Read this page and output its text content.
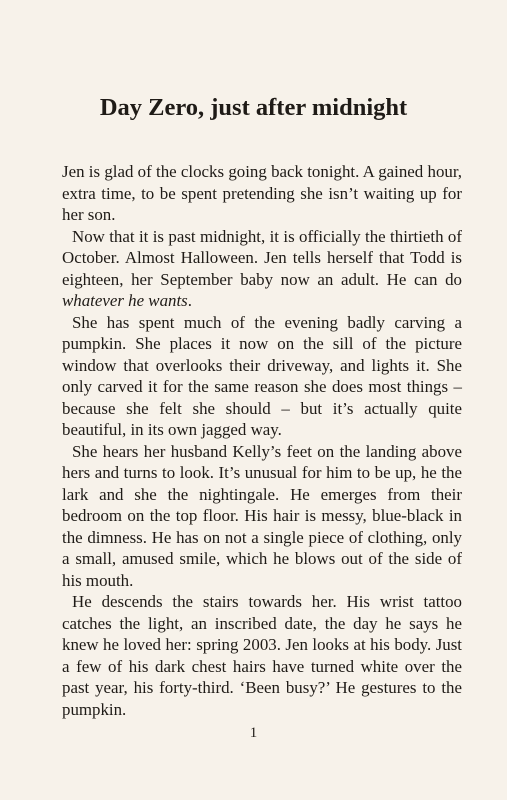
Day Zero, just after midnight

Jen is glad of the clocks going back tonight. A gained hour, extra time, to be spent pretending she isn’t waiting up for her son.

Now that it is past midnight, it is officially the thirtieth of October. Almost Halloween. Jen tells herself that Todd is eighteen, her September baby now an adult. He can do whatever he wants.

She has spent much of the evening badly carving a pumpkin. She places it now on the sill of the picture window that overlooks their driveway, and lights it. She only carved it for the same reason she does most things – because she felt she should – but it’s actually quite beautiful, in its own jagged way.

She hears her husband Kelly’s feet on the landing above hers and turns to look. It’s unusual for him to be up, he the lark and she the nightingale. He emerges from their bedroom on the top floor. His hair is messy, blue-black in the dimness. He has on not a single piece of clothing, only a small, amused smile, which he blows out of the side of his mouth.

He descends the stairs towards her. His wrist tattoo catches the light, an inscribed date, the day he says he knew he loved her: spring 2003. Jen looks at his body. Just a few of his dark chest hairs have turned white over the past year, his forty-third. ‘Been busy?’ He gestures to the pumpkin.

1
